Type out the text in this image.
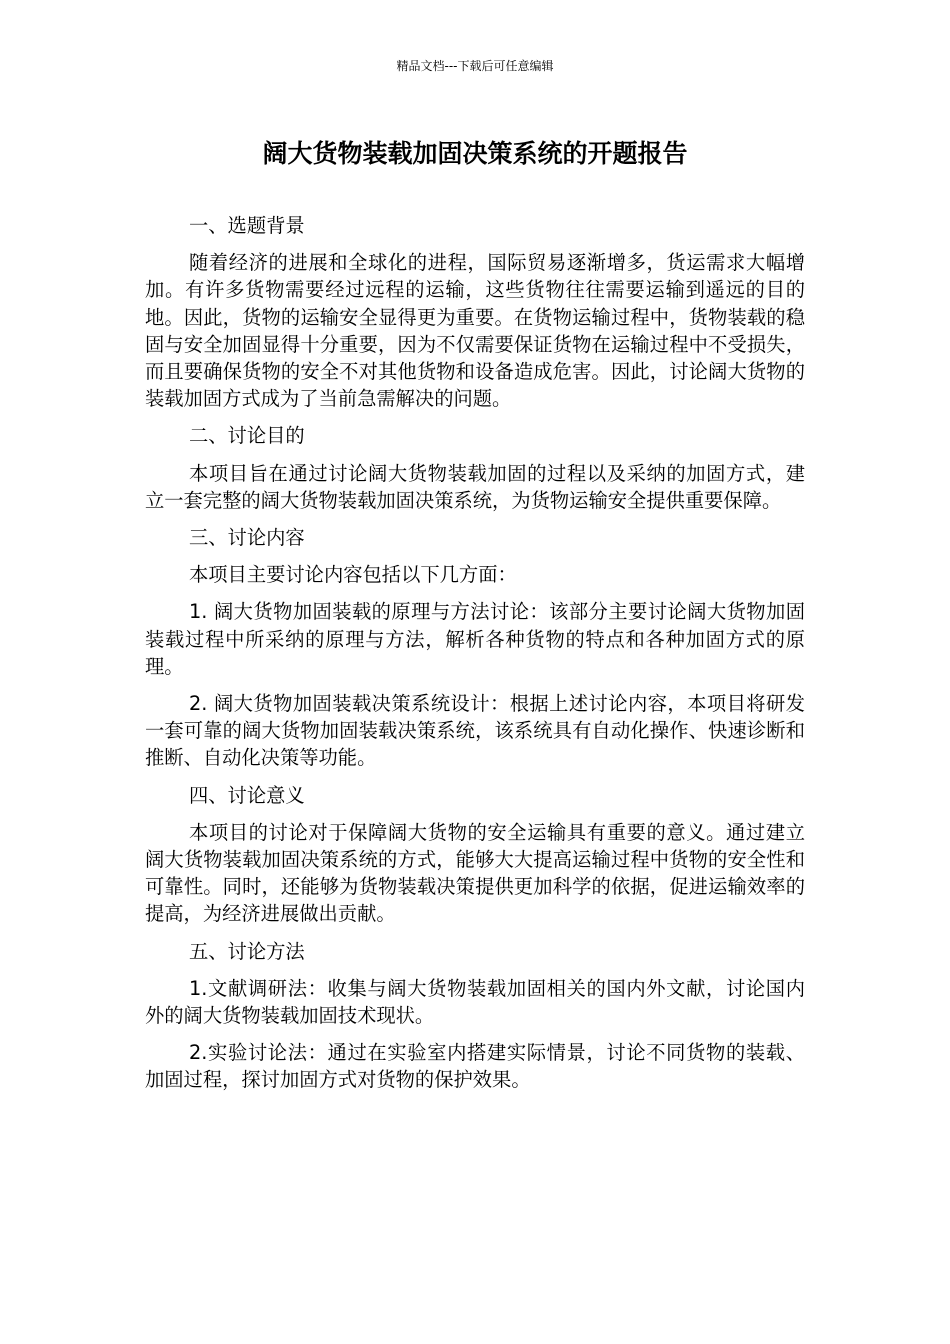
精品文档---下载后可任意编辑
阔大货物装载加固决策系统的开题报告

一、选题背景

随着经济的进展和全球化的进程，国际贸易逐渐增多，货运需求大幅增加。有许多货物需要经过远程的运输，这些货物往往需要运输到遥远的目的地。因此，货物的运输安全显得更为重要。在货物运输过程中，货物装载的稳固与安全加固显得十分重要，因为不仅需要保证货物在运输过程中不受损失，而且要确保货物的安全不对其他货物和设备造成危害。因此，讨论阔大货物的装载加固方式成为了当前急需解决的问题。

二、讨论目的

本项目旨在通过讨论阔大货物装载加固的过程以及采纳的加固方式，建立一套完整的阔大货物装载加固决策系统，为货物运输安全提供重要保障。

三、讨论内容

本项目主要讨论内容包括以下几方面：

1. 阔大货物加固装载的原理与方法讨论：该部分主要讨论阔大货物加固装载过程中所采纳的原理与方法，解析各种货物的特点和各种加固方式的原理。

2. 阔大货物加固装载决策系统设计：根据上述讨论内容，本项目将研发一套可靠的阔大货物加固装载决策系统，该系统具有自动化操作、快速诊断和推断、自动化决策等功能。

四、讨论意义

本项目的讨论对于保障阔大货物的安全运输具有重要的意义。通过建立阔大货物装载加固决策系统的方式，能够大大提高运输过程中货物的安全性和可靠性。同时，还能够为货物装载决策提供更加科学的依据，促进运输效率的提高，为经济进展做出贡献。

五、讨论方法

1.文献调研法：收集与阔大货物装载加固相关的国内外文献，讨论国内外的阔大货物装载加固技术现状。

2.实验讨论法：通过在实验室内搭建实际情景，讨论不同货物的装载、加固过程，探讨加固方式对货物的保护效果。
